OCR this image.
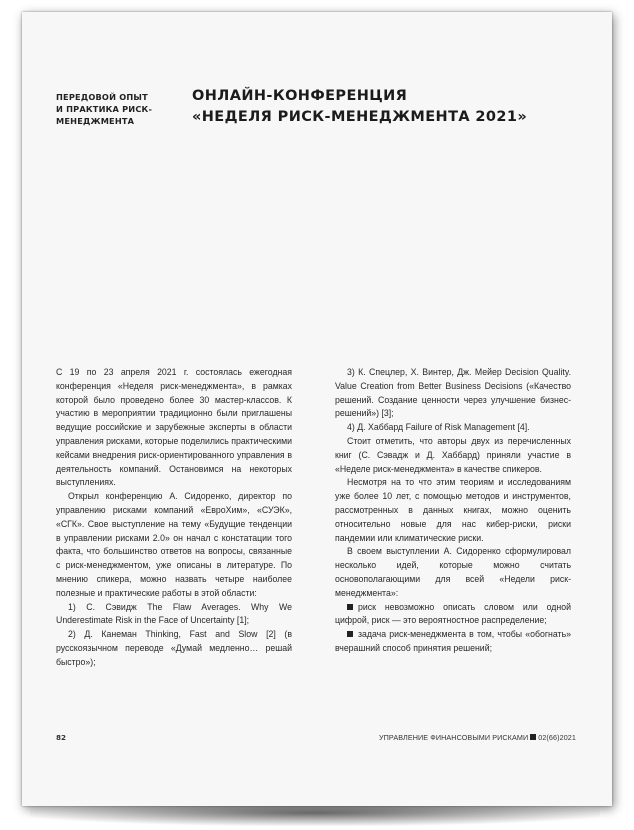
ПЕРЕДОВОЙ ОПЫТ
И ПРАКТИКА РИСК-
МЕНЕДЖМЕНТА
ОНЛАЙН-КОНФЕРЕНЦИЯ
«НЕДЕЛЯ РИСК-МЕНЕДЖМЕНТА 2021»

С 19 по 23 апреля 2021 г. состоялась ежегодная конференция «Неделя риск-менеджмента», в рамках которой было проведено более 30 мастер-классов. К участию в мероприятии традиционно были приглашены ведущие российские и зарубежные эксперты в области управления рисками, которые поделились практическими кейсами внедрения риск-ориентированного управления в деятельность компаний. Остановимся на некоторых выступлениях.

Открыл конференцию А. Сидоренко, директор по управлению рисками компаний «ЕвроХим», «СУЭК», «СГК». Свое выступление на тему «Будущие тенденции в управлении рисками 2.0» он начал с констатации того факта, что большинство ответов на вопросы, связанные с риск-менеджментом, уже описаны в литературе. По мнению спикера, можно назвать четыре наиболее полезные и практические работы в этой области:

1) С. Сэвидж The Flaw Averages. Why We Underestimate Risk in the Face of Uncertainty [1];

2) Д. Канеман Thinking, Fast and Slow [2] (в русскоязычном переводе «Думай медленно… решай быстро»);

3) К. Спецлер, Х. Винтер, Дж. Мейер Decision Quality. Value Creation from Better Business Decisions («Качество решений. Создание ценности через улучшение бизнес-решений») [3];

4) Д. Хаббард Failure of Risk Management [4].

Стоит отметить, что авторы двух из перечисленных книг (С. Сэвадж и Д. Хаббард) приняли участие в «Неделе риск-менеджмента» в качестве спикеров.

Несмотря на то что этим теориям и исследованиям уже более 10 лет, с помощью методов и инструментов, рассмотренных в данных книгах, можно оценить относительно новые для нас кибер-риски, риски пандемии или климатические риски.

В своем выступлении А. Сидоренко сформулировал несколько идей, которые можно считать основополагающими для всей «Недели риск-менеджмента»:

риск невозможно описать словом или одной цифрой, риск — это вероятностное распределение;

задача риск-менеджмента в том, чтобы «обогнать» вчерашний способ принятия решений;

82	УПРАВЛЕНИЕ ФИНАНСОВЫМИ РИСКАМИ 02(66)2021
